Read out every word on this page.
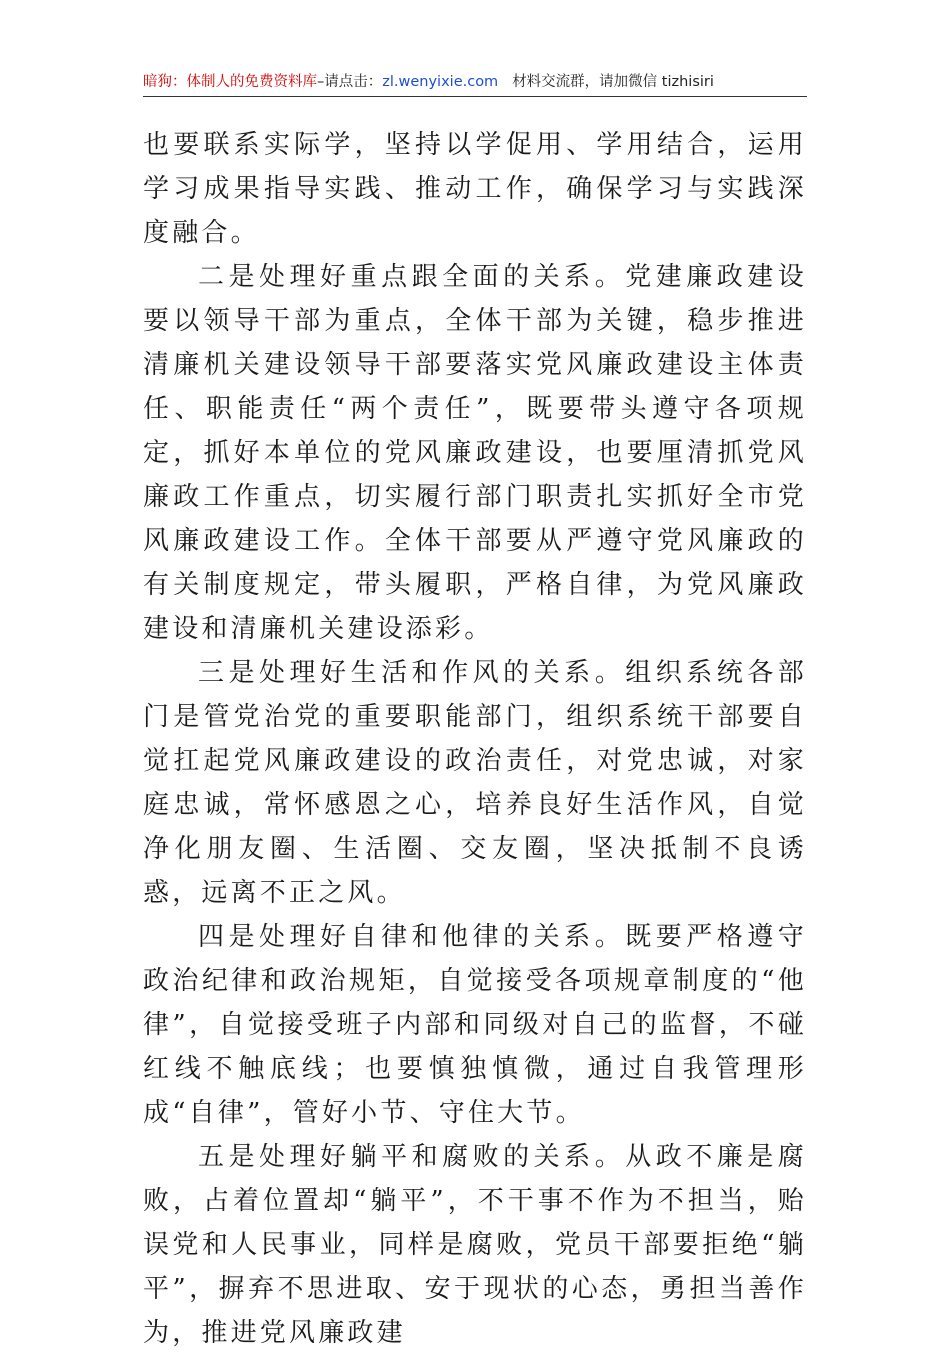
暗狗：体制人的免费资料库–请点击：zl.wenyixie.com 材料交流群，请加微信 tizhisiri

也要联系实际学，坚持以学促用、学用结合，运用学习成果指导实践、推动工作，确保学习与实践深度融合。

二是处理好重点跟全面的关系。党建廉政建设要以领导干部为重点，全体干部为关键，稳步推进清廉机关建设领导干部要落实党风廉政建设主体责任、职能责任“两个责任”，既要带头遵守各项规定，抓好本单位的党风廉政建设，也要厘清抓党风廉政工作重点，切实履行部门职责扎实抓好全市党风廉政建设工作。全体干部要从严遵守党风廉政的有关制度规定，带头履职，严格自律，为党风廉政建设和清廉机关建设添彩。

三是处理好生活和作风的关系。组织系统各部门是管党治党的重要职能部门，组织系统干部要自觉扛起党风廉政建设的政治责任，对党忠诚，对家庭忠诚，常怀感恩之心，培养良好生活作风，自觉净化朋友圈、生活圈、交友圈，坚决抵制不良诱惑，远离不正之风。

四是处理好自律和他律的关系。既要严格遵守政治纪律和政治规矩，自觉接受各项规章制度的“他律”，自觉接受班子内部和同级对自己的监督，不碰红线不触底线；也要慎独慎微，通过自我管理形成“自律”，管好小节、守住大节。

五是处理好躺平和腐败的关系。从政不廉是腐败，占着位置却“躺平”，不干事不作为不担当，贻误党和人民事业，同样是腐败，党员干部要拒绝“躺平”，摒弃不思进取、安于现状的心态，勇担当善作为，推进党风廉政建
